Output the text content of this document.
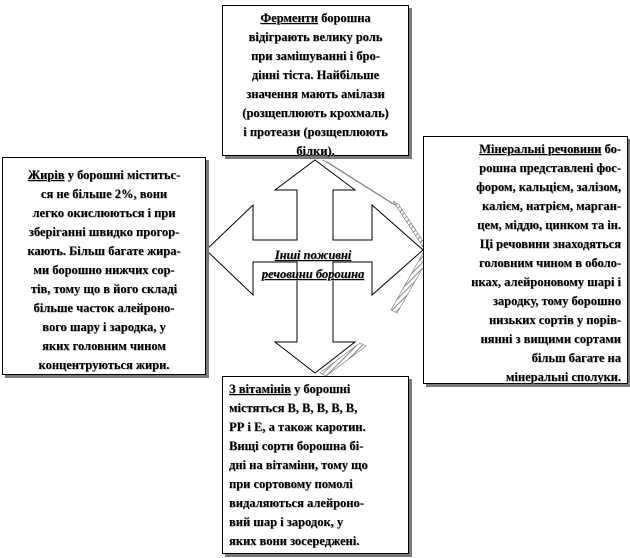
Ферменти борошна
відіграють велику роль
при замішуванні і бро-
дінні тіста. Найбільше
значення мають амілази
(розщеплюють крохмаль)
і протеази (розщеплюють
білки).
Жирів у борошні міститьс-
ся не більше 2%, вони
легко окислюються і при
зберіганні швидко прогор-
кають. Більш багате жира-
ми борошно нижчих сор-
тів, тому що в його складі
більше часток алейроно-
вого шару і зародка, у
яких головним чином
концентруються жири.
Мінеральні речовини бо-
рошна представлені фос-
фором, кальцієм, залізом,
калієм, натрієм, марган-
цем, міддю, цинком та ін.
Ці речовини знаходяться
головним чином в оболо-
нках, алейроновому шарі і
зародку, тому борошно
низьких сортів у порів-
нянні з вищими сортами
більш багате на
мінеральні сполуки.
З вітамінів у борошні
містяться В, В, В, В, В,
РР і Е, а також каротин.
Вищі сорти борошна бі-
дні на вітаміни, тому що
при сортовому помолі
видаляються алейроно-
вий шар і зародок, у
яких вони зосереджені.
Інші поживні
речовини борошна
